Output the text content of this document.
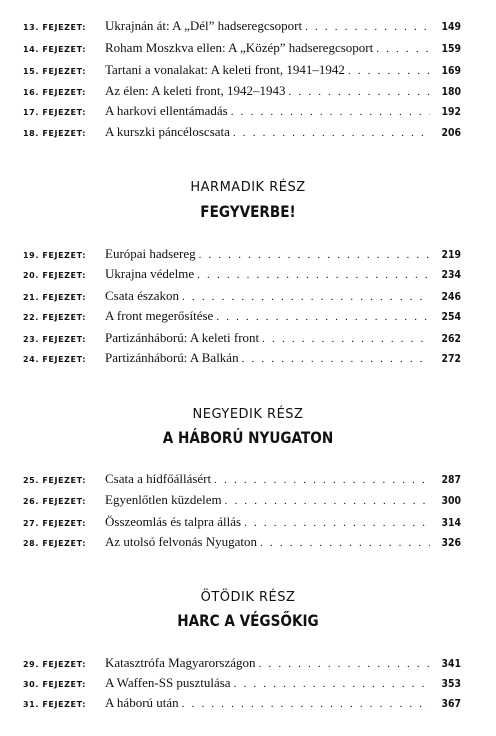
13. FEJEZET:	Ukrajnán át: A „Dél” hadseregcsoport . . .	149
14. FEJEZET:	Roham Moszkva ellen: A „Közép” hadseregcsoport . . .	159
15. FEJEZET:	Tartani a vonalakat: A keleti front, 1941–1942 . . .	169
16. FEJEZET:	Az élen: A keleti front, 1942–1943 . . .	180
17. FEJEZET:	A harkovi ellentámadás . . .	192
18. FEJEZET:	A kurszki páncéloscsata . . .	206
HARMADIK RÉSZ
FEGYVERBE!
19. FEJEZET:	Európai hadsereg . . .	219
20. FEJEZET:	Ukrajna védelme . . .	234
21. FEJEZET:	Csata északon . . .	246
22. FEJEZET:	A front megerősítése . . .	254
23. FEJEZET:	Partizánháború: A keleti front . . .	262
24. FEJEZET:	Partizánháború: A Balkán . . .	272
NEGYEDIK RÉSZ
A HÁBORÚ NYUGATON
25. FEJEZET:	Csata a hídfőállásért . . .	287
26. FEJEZET:	Egyenlőtlen küzdelem . . .	300
27. FEJEZET:	Összeomlás és talpra állás . . .	314
28. FEJEZET:	Az utolsó felvonás Nyugaton . . .	326
ÖTÖDIK RÉSZ
HARC A VÉGSŐKIG
29. FEJEZET:	Katasztrófa Magyarországon . . .	341
30. FEJEZET:	A Waffen-SS pusztulása . . .	353
31. FEJEZET:	A háború után . . .	367
